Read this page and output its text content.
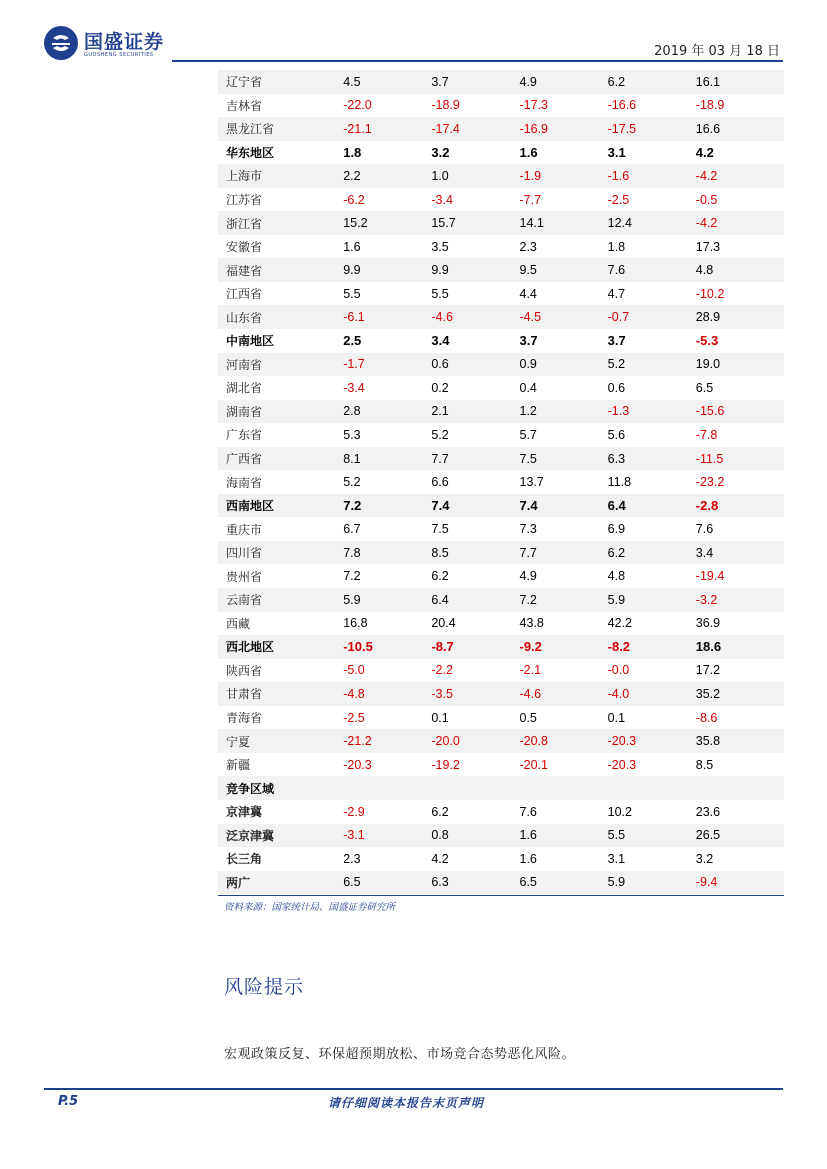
国盛证券
GUOSHENG SECURITIES	2019 年 03 月 18 日
辽宁省	4.5	3.7	4.9	6.2	16.1
吉林省	-22.0	-18.9	-17.3	-16.6	-18.9
黑龙江省	-21.1	-17.4	-16.9	-17.5	16.6
华东地区	1.8	3.2	1.6	3.1	4.2
上海市	2.2	1.0	-1.9	-1.6	-4.2
江苏省	-6.2	-3.4	-7.7	-2.5	-0.5
浙江省	15.2	15.7	14.1	12.4	-4.2
安徽省	1.6	3.5	2.3	1.8	17.3
福建省	9.9	9.9	9.5	7.6	4.8
江西省	5.5	5.5	4.4	4.7	-10.2
山东省	-6.1	-4.6	-4.5	-0.7	28.9
中南地区	2.5	3.4	3.7	3.7	-5.3
河南省	-1.7	0.6	0.9	5.2	19.0
湖北省	-3.4	0.2	0.4	0.6	6.5
湖南省	2.8	2.1	1.2	-1.3	-15.6
广东省	5.3	5.2	5.7	5.6	-7.8
广西省	8.1	7.7	7.5	6.3	-11.5
海南省	5.2	6.6	13.7	11.8	-23.2
西南地区	7.2	7.4	7.4	6.4	-2.8
重庆市	6.7	7.5	7.3	6.9	7.6
四川省	7.8	8.5	7.7	6.2	3.4
贵州省	7.2	6.2	4.9	4.8	-19.4
云南省	5.9	6.4	7.2	5.9	-3.2
西藏	16.8	20.4	43.8	42.2	36.9
西北地区	-10.5	-8.7	-9.2	-8.2	18.6
陕西省	-5.0	-2.2	-2.1	-0.0	17.2
甘肃省	-4.8	-3.5	-4.6	-4.0	35.2
青海省	-2.5	0.1	0.5	0.1	-8.6
宁夏	-21.2	-20.0	-20.8	-20.3	35.8
新疆	-20.3	-19.2	-20.1	-20.3	8.5
竞争区域					
京津冀	-2.9	6.2	7.6	10.2	23.6
泛京津冀	-3.1	0.8	1.6	5.5	26.5
长三角	2.3	4.2	1.6	3.1	3.2
两广	6.5	6.3	6.5	5.9	-9.4
资料来源：国家统计局、国盛证券研究所
风险提示
宏观政策反复、环保超预期放松、市场竞合态势恶化风险。
P.5	请仔细阅读本报告末页声明
